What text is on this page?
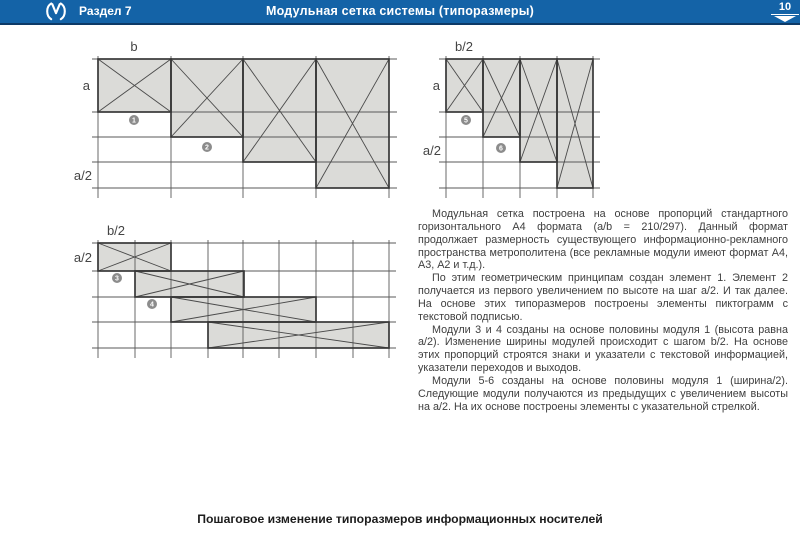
Раздел 7	Модульная сетка системы (типоразмеры)	10
b
a
a/2
1
2
b/2
a
a/2
5
6
b/2
a/2
3
4

Модульная сетка построена на основе пропорций стандартного горизонтального А4 формата (a/b = 210/297). Данный формат продолжает размерность существующего информационно-рекламного пространства метрополитена (все рекламные модули имеют формат А4, А3, А2 и т.д.).

По этим геометрическим принципам создан элемент 1. Элемент 2 получается из первого увеличением по высоте на шаг а/2. И так далее. На основе этих типоразмеров построены элементы пиктограмм с текстовой подписью.

Модули 3 и 4 созданы на основе половины модуля 1 (высота равна а/2). Изменение ширины модулей происходит с шагом b/2. На основе этих пропорций строятся знаки и указатели с текстовой информацией, указатели переходов и выходов.

Модули 5-6 созданы на основе половины модуля 1 (ширина/2). Следующие модули получаются из предыдущих с увеличением высоты на а/2. На их основе построены элементы с указательной стрелкой.

Пошаговое изменение типоразмеров информационных носителей
